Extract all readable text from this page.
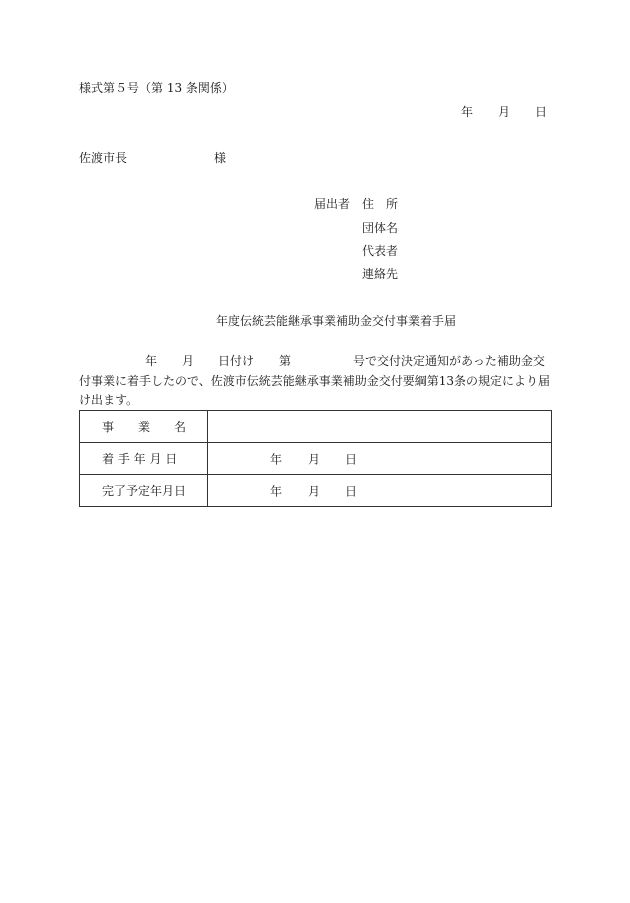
様式第５号（第 13 条関係）
年 月 日
佐渡市長	様
届出者 住　所
団体名
代表者
連絡先
年度伝統芸能継承事業補助金交付事業着手届
年 月 日付け 第	号で交付決定通知があった補助金交
付事業に着手したので、佐渡市伝統芸能継承事業補助金交付要綱第13条の規定により届
け出ます。
事　　業　　名	
着 手 年 月 日	年 月 日

完了予定年月日	年 月 日
